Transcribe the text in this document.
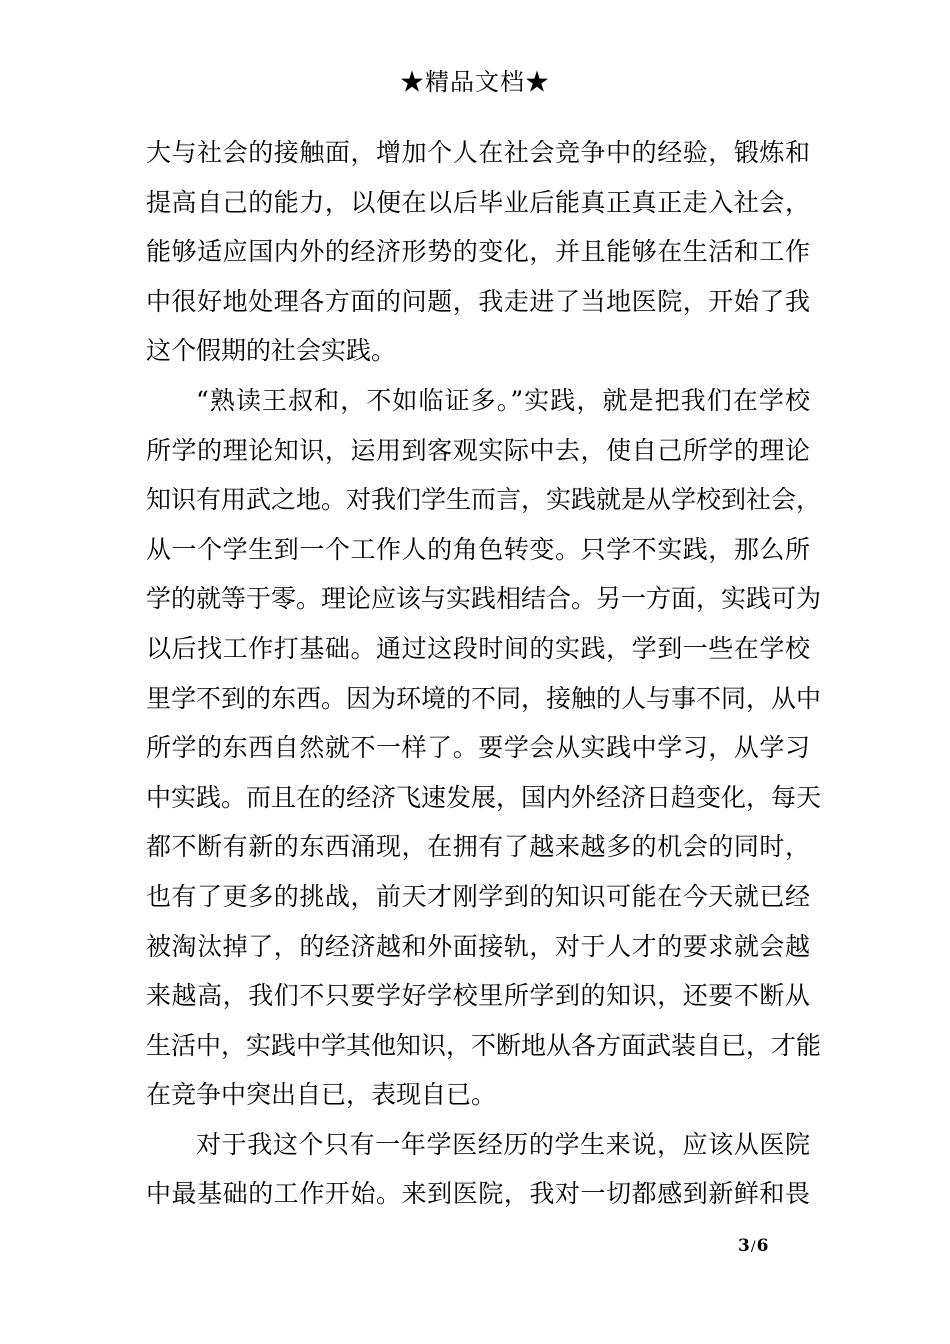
★精品文档★
大与社会的接触面，增加个人在社会竞争中的经验，锻炼和
提高自己的能力，以便在以后毕业后能真正真正走入社会，
能够适应国内外的经济形势的变化，并且能够在生活和工作
中很好地处理各方面的问题，我走进了当地医院，开始了我
这个假期的社会实践。
“熟读王叔和，不如临证多。”实践，就是把我们在学校
所学的理论知识，运用到客观实际中去，使自己所学的理论
知识有用武之地。对我们学生而言，实践就是从学校到社会，
从一个学生到一个工作人的角色转变。只学不实践，那么所
学的就等于零。理论应该与实践相结合。另一方面，实践可为
以后找工作打基础。通过这段时间的实践，学到一些在学校
里学不到的东西。因为环境的不同，接触的人与事不同，从中
所学的东西自然就不一样了。要学会从实践中学习，从学习
中实践。而且在的经济飞速发展，国内外经济日趋变化，每天
都不断有新的东西涌现，在拥有了越来越多的机会的同时，
也有了更多的挑战，前天才刚学到的知识可能在今天就已经
被淘汰掉了，的经济越和外面接轨，对于人才的要求就会越
来越高，我们不只要学好学校里所学到的知识，还要不断从
生活中，实践中学其他知识，不断地从各方面武装自已，才能
在竞争中突出自已，表现自已。
对于我这个只有一年学医经历的学生来说，应该从医院
中最基础的工作开始。来到医院，我对一切都感到新鲜和畏
3/6
